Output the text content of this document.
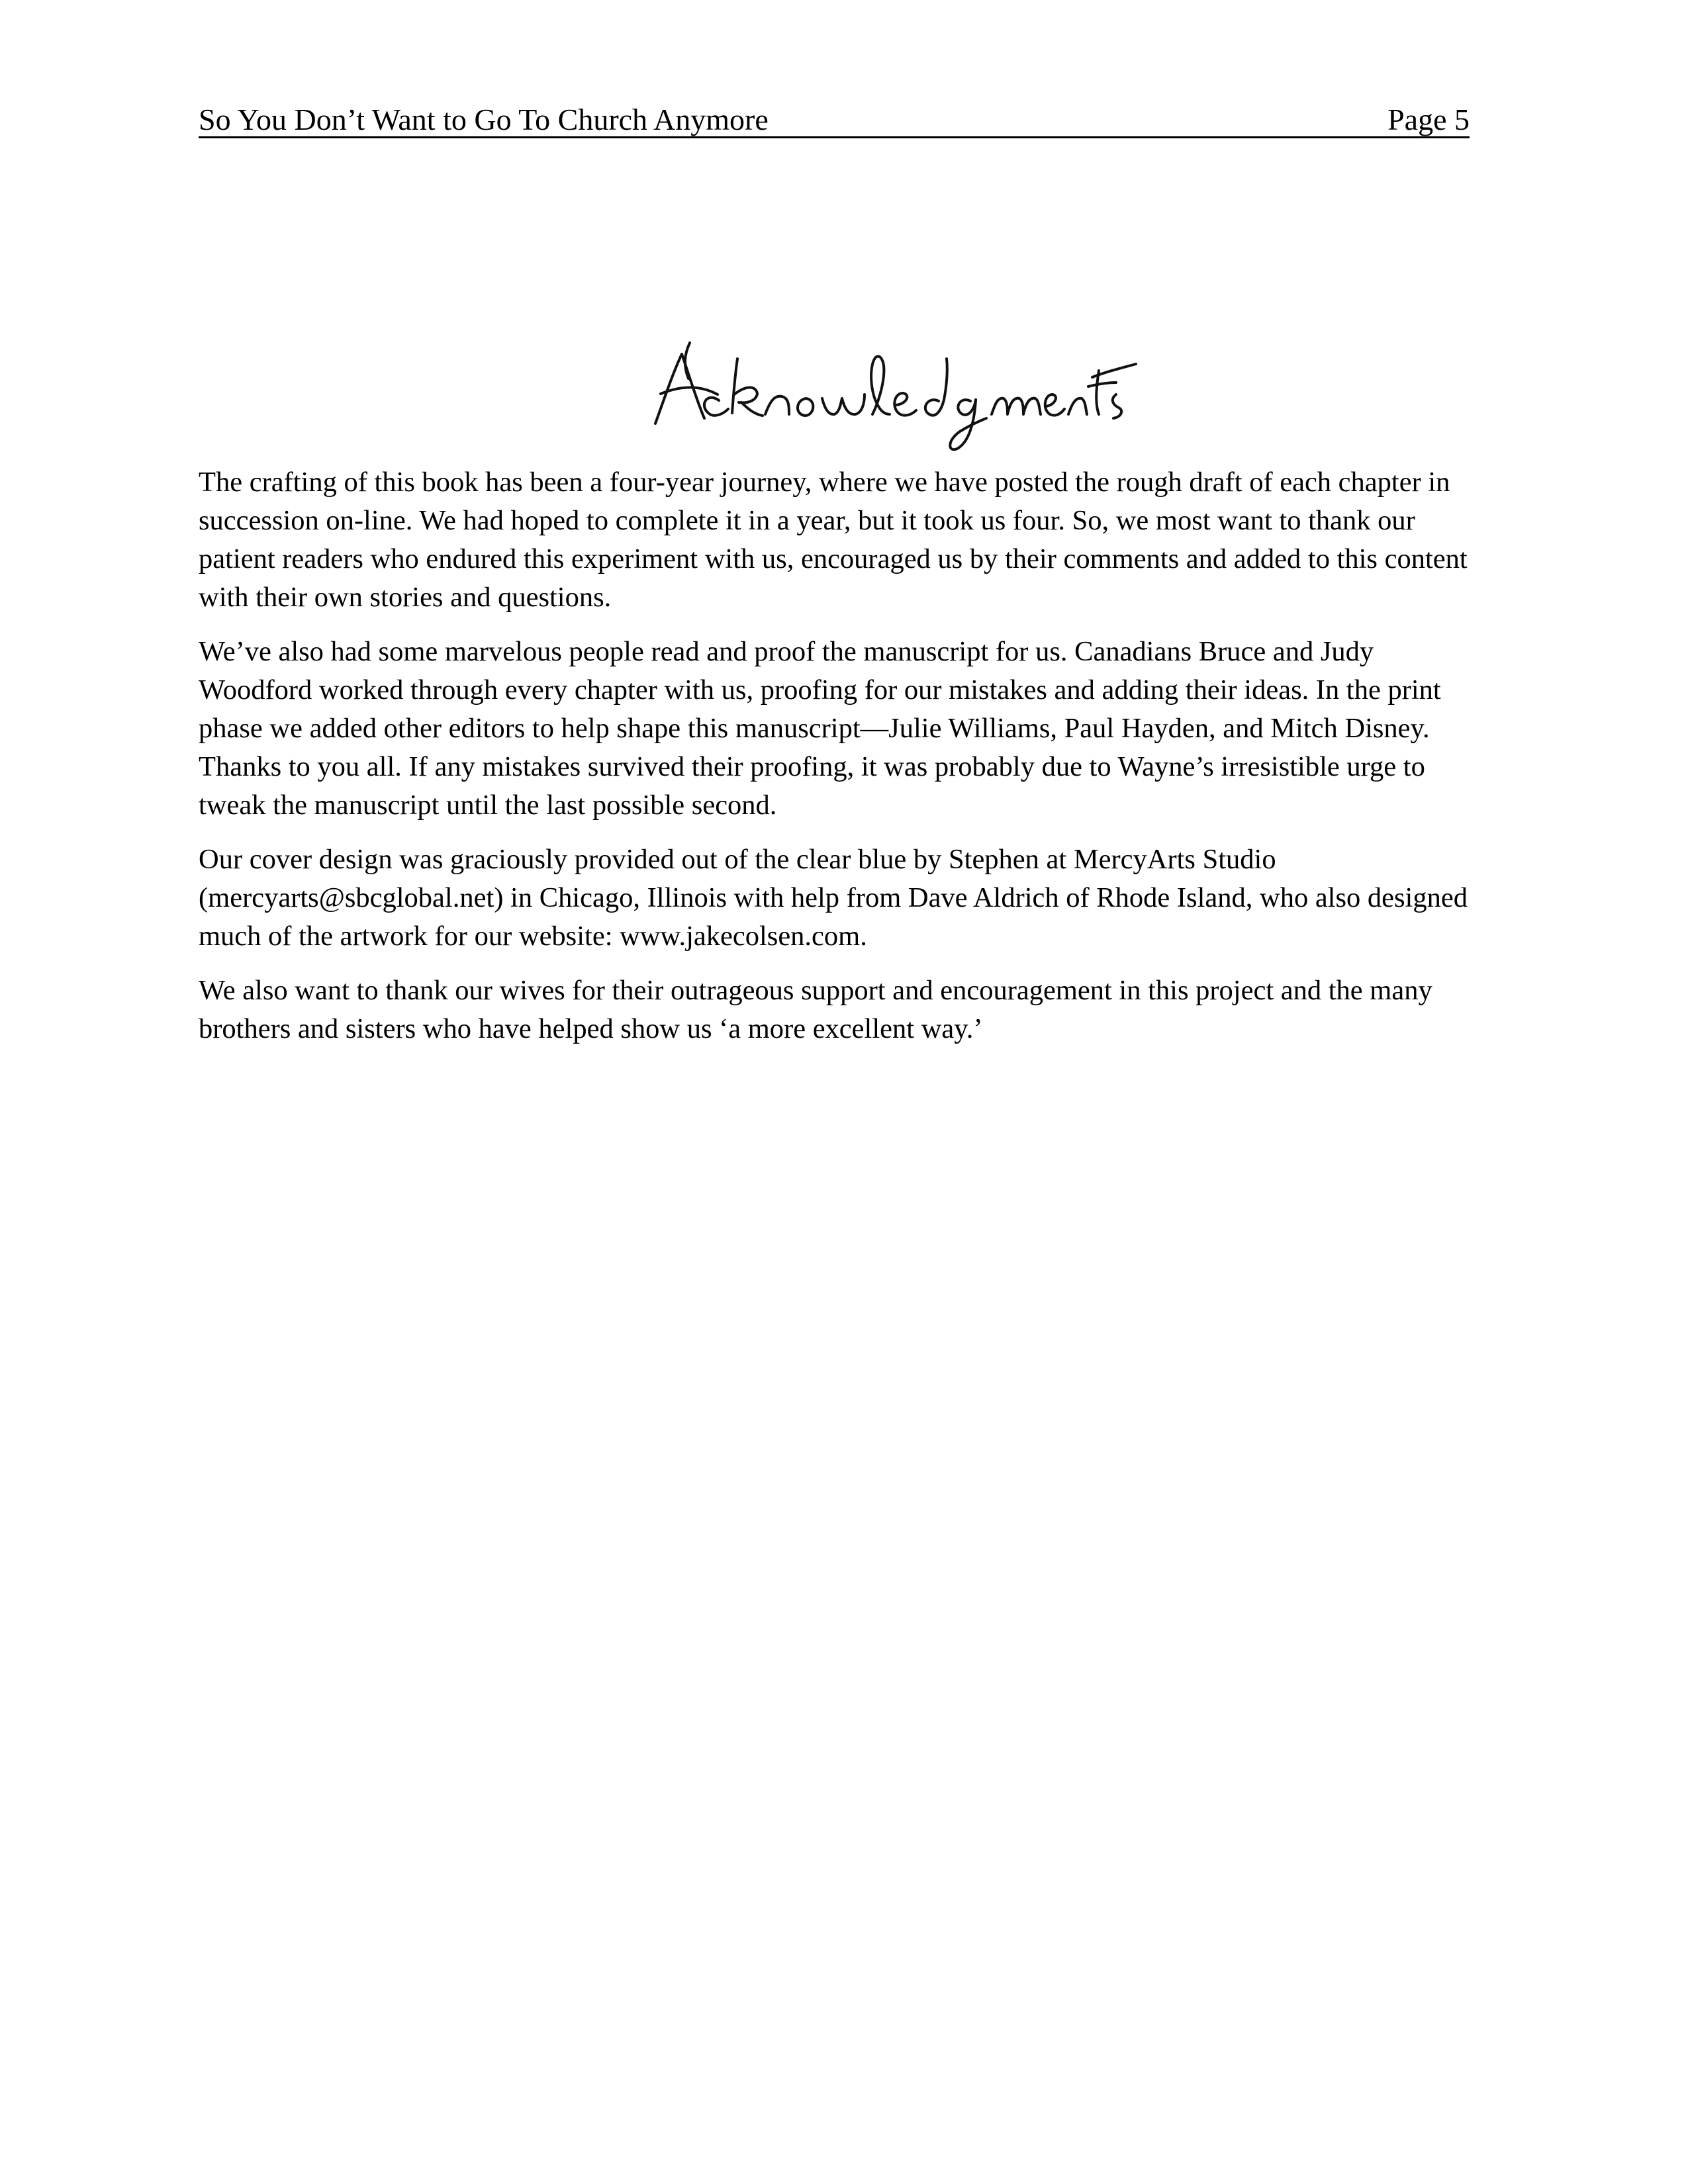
So You Don’t Want to Go To Church Anymore	Page 5

The crafting of this book has been a four-year journey, where we have posted the rough draft of each chapter in succession on-line. We had hoped to complete it in a year, but it took us four. So, we most want to thank our patient readers who endured this experiment with us, encouraged us by their comments and added to this content with their own stories and questions.

We’ve also had some marvelous people read and proof the manuscript for us. Canadians Bruce and Judy Woodford worked through every chapter with us, proofing for our mistakes and adding their ideas. In the print phase we added other editors to help shape this manuscript—Julie Williams, Paul Hayden, and Mitch Disney. Thanks to you all. If any mistakes survived their proofing, it was probably due to Wayne’s irresistible urge to tweak the manuscript until the last possible second.

Our cover design was graciously provided out of the clear blue by Stephen at MercyArts Studio (mercyarts@sbcglobal.net) in Chicago, Illinois with help from Dave Aldrich of Rhode Island, who also designed much of the artwork for our website: www.jakecolsen.com.

We also want to thank our wives for their outrageous support and encouragement in this project and the many brothers and sisters who have helped show us ‘a more excellent way.’
